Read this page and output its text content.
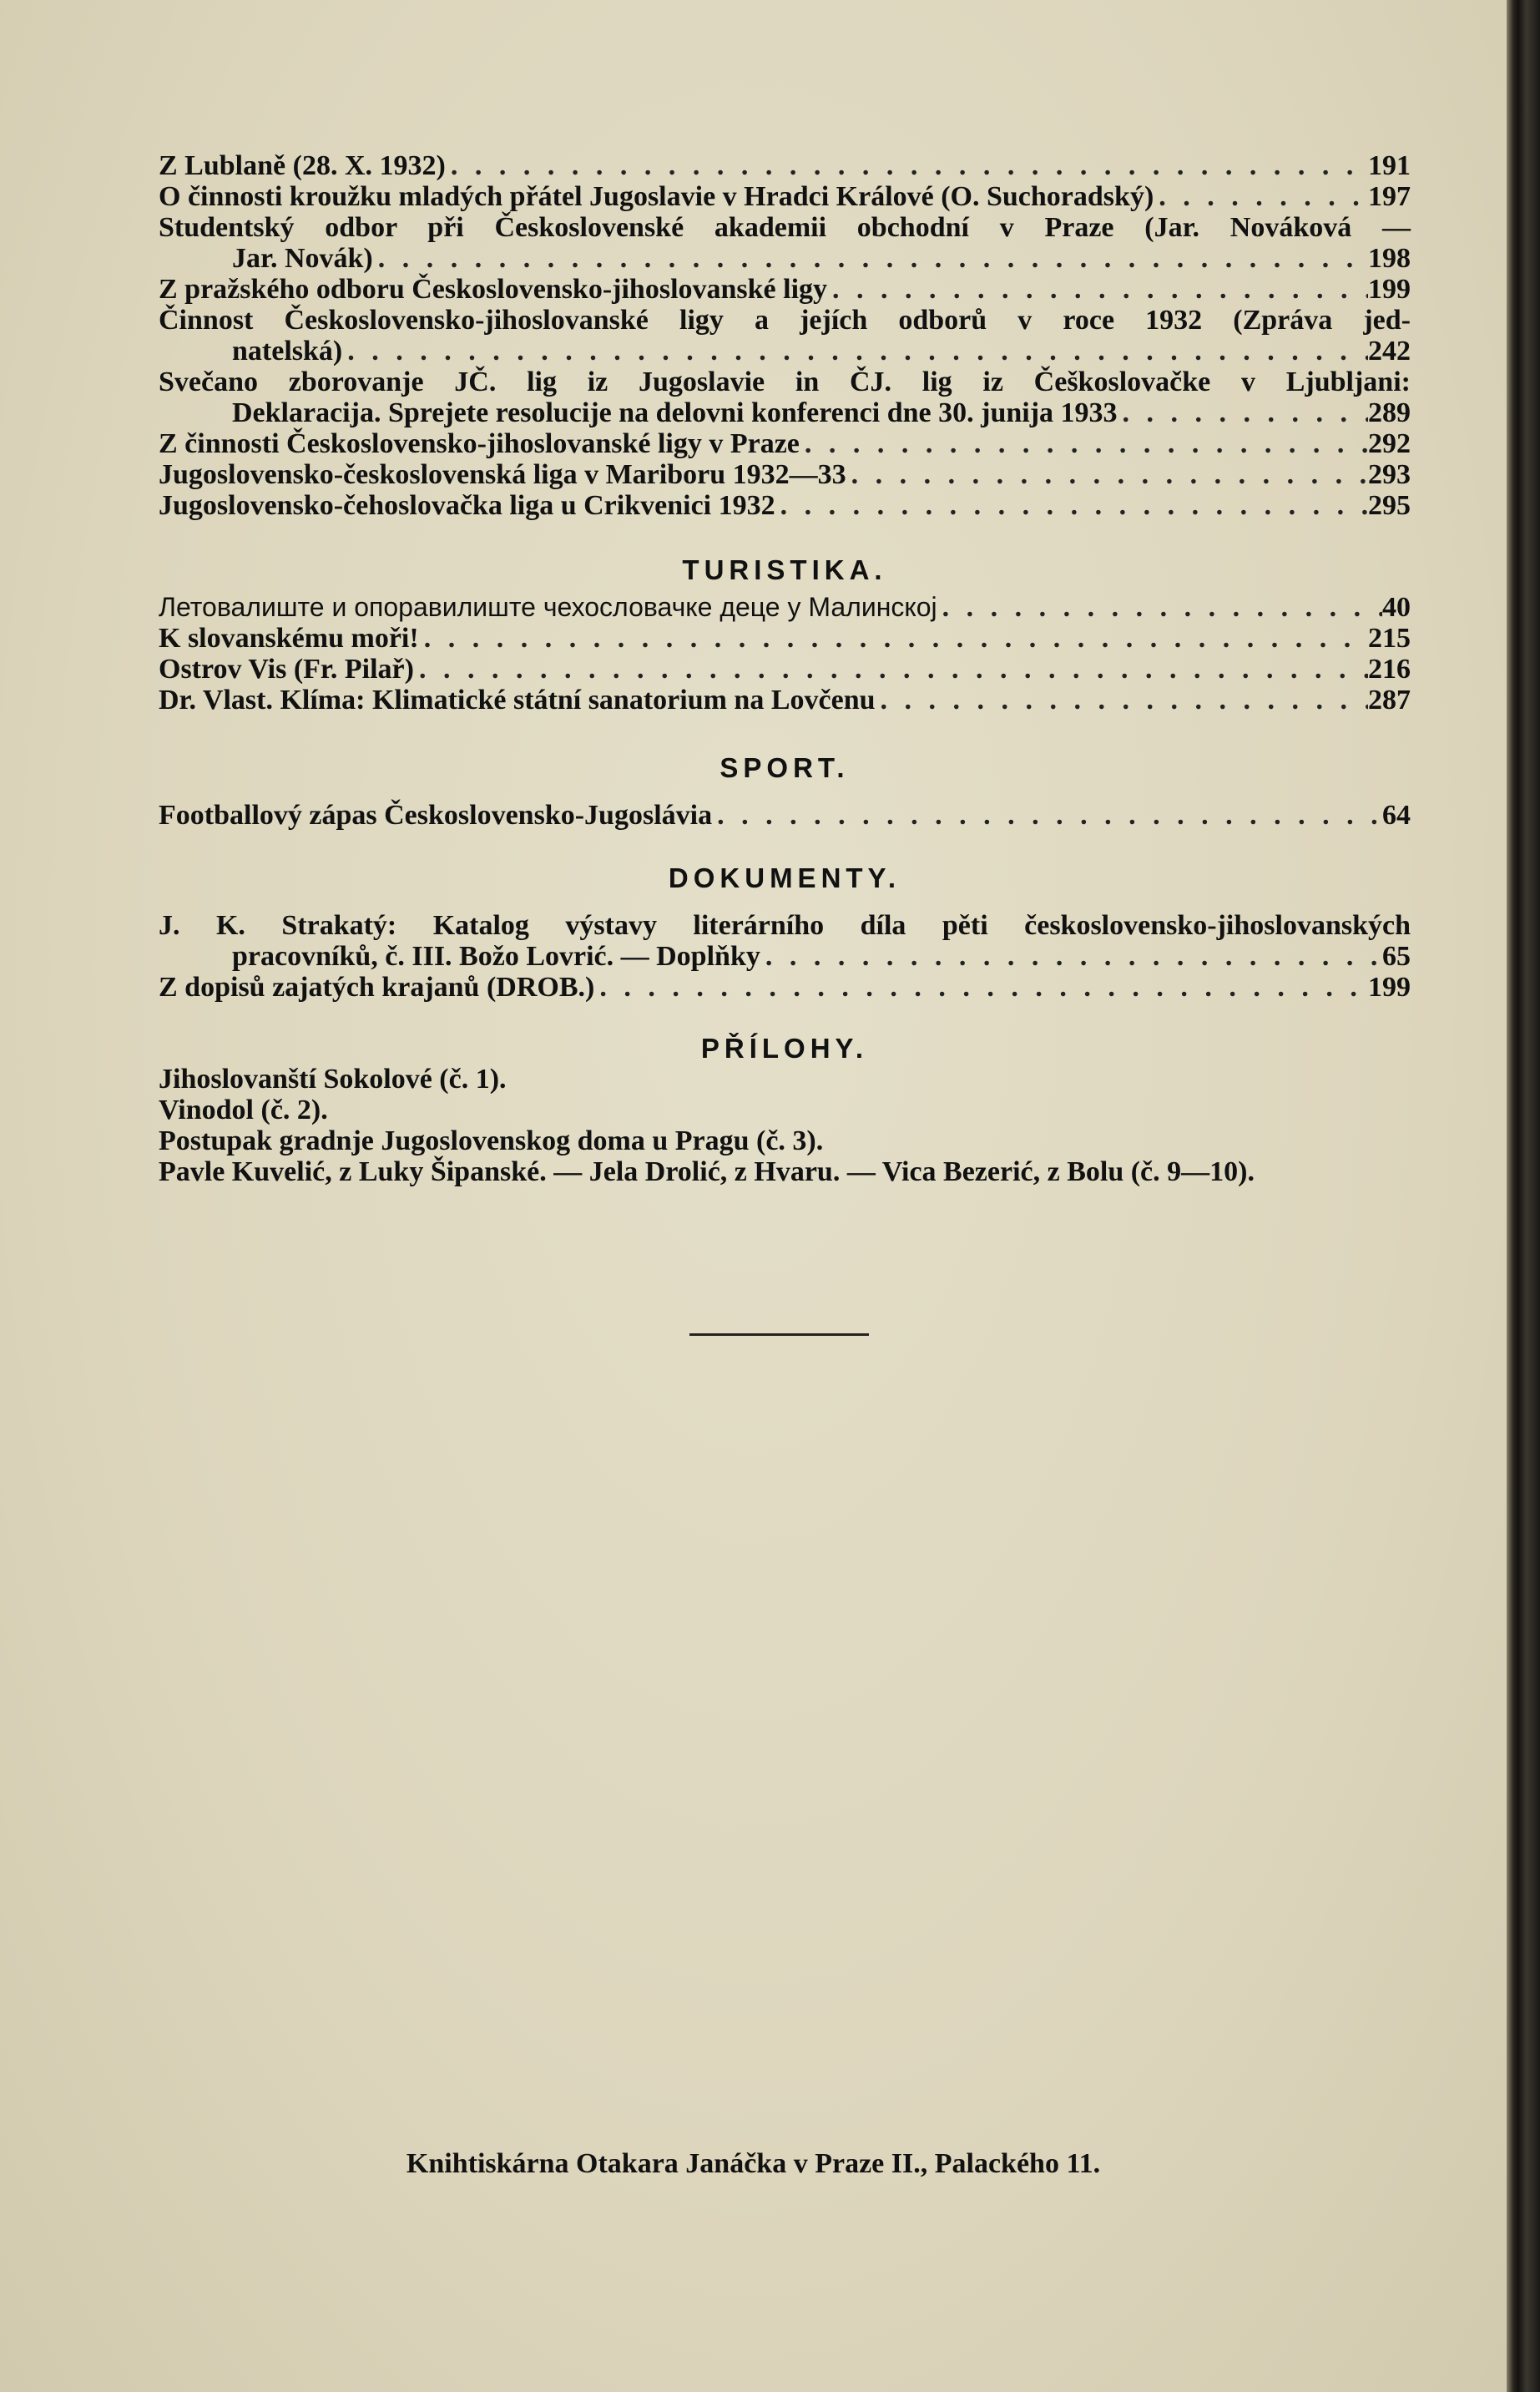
Z Lublaně (28. X. 1932) . . .	191
O činnosti kroužku mladých přátel Jugoslavie v Hradci Králové (O. Suchoradský) . . .	197
Studentský odbor při Československé akademii obchodní v Praze (Jar. Nováková —
Jar. Novák) . . .	198
Z pražského odboru Československo-jihoslovanské ligy . . .	199
Činnost Československo-jihoslovanské ligy a jejích odborů v roce 1932 (Zpráva jed-
natelská) . . .	242
Svečano zborovanje JČ. lig iz Jugoslavie in ČJ. lig iz Češkoslovačke v Ljubljani:
Deklaracija. Sprejete resolucije na delovni konferenci dne 30. junija 1933 . . .	289
Z činnosti Československo-jihoslovanské ligy v Praze . . .	292
Jugoslovensko-československá liga v Mariboru 1932—33 . . .	293
Jugoslovensko-čehoslovačka liga u Crikvenici 1932 . . .	295
TURISTIKA.
Летовалиште и опоравилиште чехословачке деце у Малинској . . .	40
K slovanskému moři! . . .	215
Ostrov Vis (Fr. Pilař) . . .	216
Dr. Vlast. Klíma: Klimatické státní sanatorium na Lovčenu . . .	287
SPORT.
Footballový zápas Československo-Jugoslávia . . .	64
DOKUMENTY.
J. K. Strakatý: Katalog výstavy literárního díla pěti československo-jihoslovanských
pracovníků, č. III. Božo Lovrić. — Doplňky . . .	65
Z dopisů zajatých krajanů (DROB.) . . .	199
PŘÍLOHY.
Jihoslovanští Sokolové (č. 1).
Vinodol (č. 2).
Postupak gradnje Jugoslovenskog doma u Pragu (č. 3).
Pavle Kuvelić, z Luky Šipanské. — Jela Drolić, z Hvaru. — Vica Bezerić, z Bolu (č. 9—10).
Knihtiskárna Otakara Janáčka v Praze II., Palackého 11.
